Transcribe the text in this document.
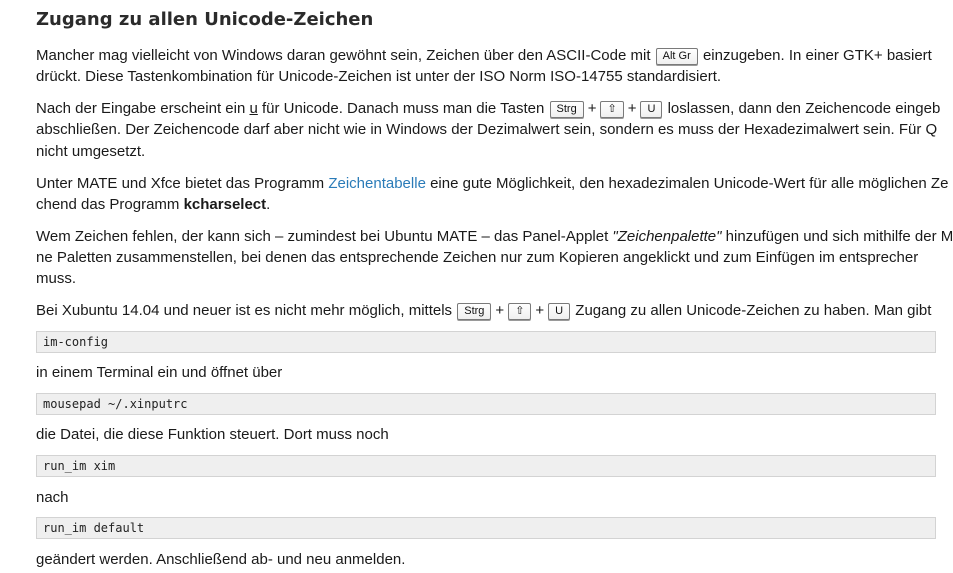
Zugang zu allen Unicode-Zeichen
Mancher mag vielleicht von Windows daran gewöhnt sein, Zeichen über den ASCII-Code mit Alt Gr einzugeben. In einer GTK+ basiert
drückt. Diese Tastenkombination für Unicode-Zeichen ist unter der ISO Norm ISO-14755 standardisiert.
Nach der Eingabe erscheint ein u für Unicode. Danach muss man die Tasten Strg + ⇧ + U loslassen, dann den Zeichencode eingeb
abschließen. Der Zeichencode darf aber nicht wie in Windows der Dezimalwert sein, sondern es muss der Hexadezimalwert sein. Für Q
nicht umgesetzt.
Unter MATE und Xfce bietet das Programm Zeichentabelle eine gute Möglichkeit, den hexadezimalen Unicode-Wert für alle möglichen Ze
chend das Programm kcharselect.
Wem Zeichen fehlen, der kann sich – zumindest bei Ubuntu MATE – das Panel-Applet "Zeichenpalette" hinzufügen und sich mithilfe der M
ne Paletten zusammenstellen, bei denen das entsprechende Zeichen nur zum Kopieren angeklickt und zum Einfügen im entsprecher
muss.
Bei Xubuntu 14.04 und neuer ist es nicht mehr möglich, mittels Strg + ⇧ + U Zugang zu allen Unicode-Zeichen zu haben. Man gibt
im-config
in einem Terminal ein und öffnet über
mousepad ~/.xinputrc
die Datei, die diese Funktion steuert. Dort muss noch
run_im xim
nach
run_im default
geändert werden. Anschließend ab- und neu anmelden.
